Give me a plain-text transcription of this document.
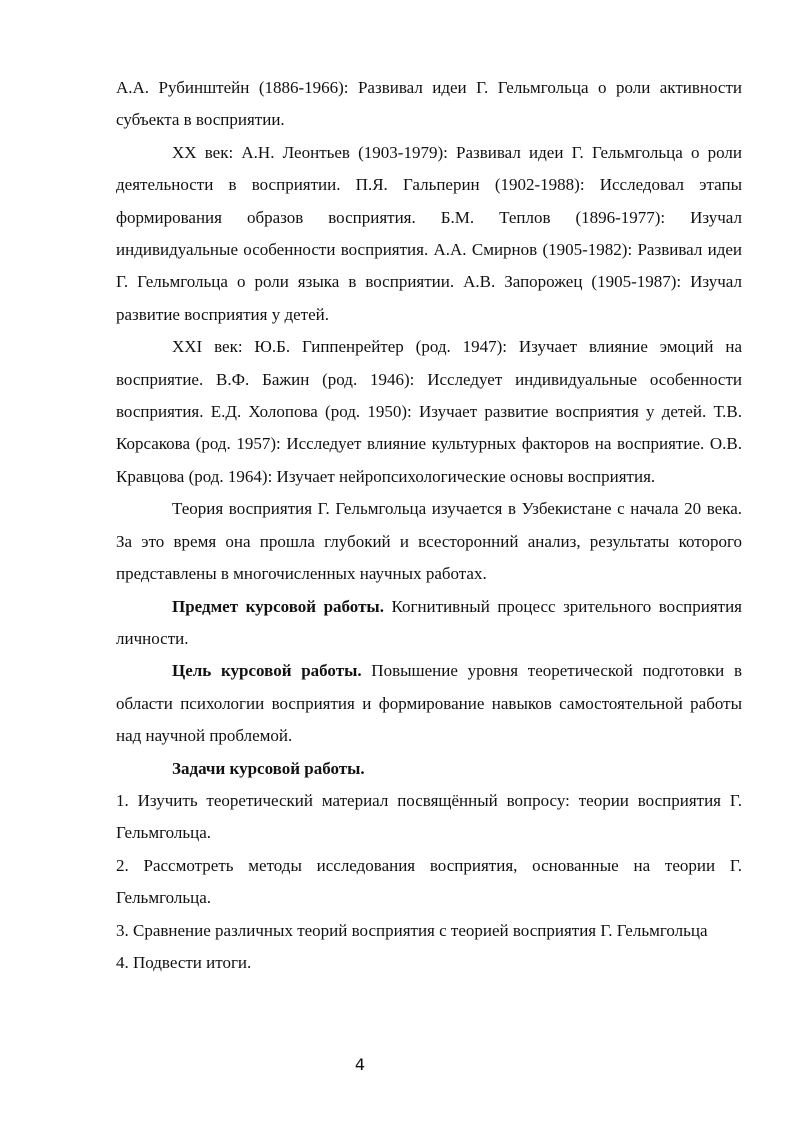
А.А. Рубинштейн (1886-1966): Развивал идеи Г. Гельмгольца о роли активности субъекта в восприятии.

XX век: А.Н. Леонтьев (1903-1979): Развивал идеи Г. Гельмгольца о роли деятельности в восприятии. П.Я. Гальперин (1902-1988): Исследовал этапы формирования образов восприятия. Б.М. Теплов (1896-1977): Изучал индивидуальные особенности восприятия. А.А. Смирнов (1905-1982): Развивал идеи Г. Гельмгольца о роли языка в восприятии. А.В. Запорожец (1905-1987): Изучал развитие восприятия у детей.

XXI век: Ю.Б. Гиппенрейтер (род. 1947): Изучает влияние эмоций на восприятие. В.Ф. Бажин (род. 1946): Исследует индивидуальные особенности восприятия. Е.Д. Холопова (род. 1950): Изучает развитие восприятия у детей. Т.В. Корсакова (род. 1957): Исследует влияние культурных факторов на восприятие. О.В. Кравцова (род. 1964): Изучает нейропсихологические основы восприятия.

Теория восприятия Г. Гельмгольца изучается в Узбекистане с начала 20 века. За это время она прошла глубокий и всесторонний анализ, результаты которого представлены в многочисленных научных работах.

Предмет курсовой работы. Когнитивный процесс зрительного восприятия личности.

Цель курсовой работы. Повышение уровня теоретической подготовки в области психологии восприятия и формирование навыков самостоятельной работы над научной проблемой.

Задачи курсовой работы.

1. Изучить теоретический материал посвящённый вопросу: теории восприятия Г. Гельмгольца.

2. Рассмотреть методы исследования восприятия, основанные на теории Г. Гельмгольца.

3. Сравнение различных теорий восприятия с теорией восприятия Г. Гельмгольца

4. Подвести итоги.

4
